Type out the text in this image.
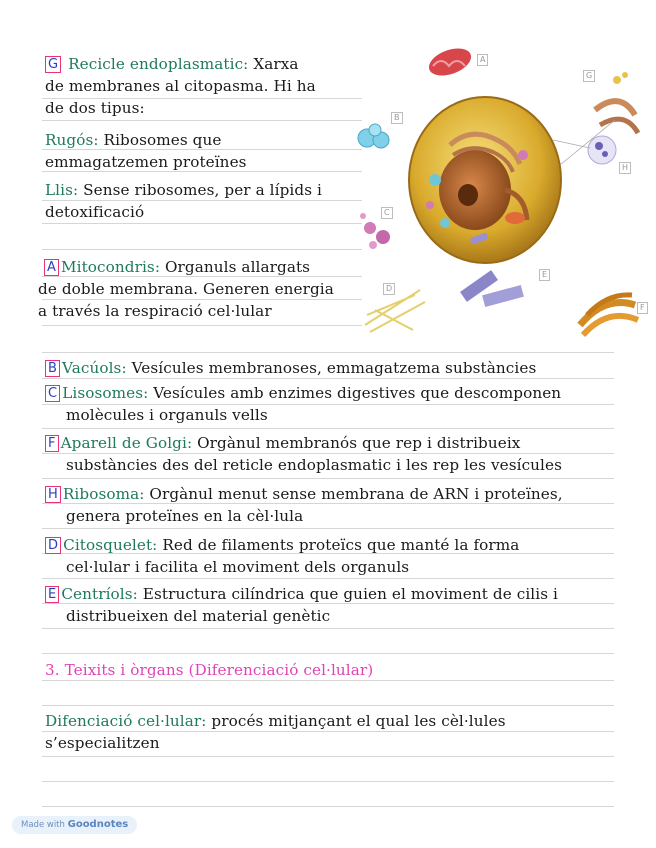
G Recicle endoplasmatic: Xarxa
de membranes al citopasma. Hi ha
de dos tipus:
Rugós: Ribosomes que
emmagatzemen proteïnes
Llis: Sense ribosomes, per a lípids i
detoxificació
A Mitocondris: Organuls allargats
de doble membrana. Generen energia
a través la respiració cel·lular
B Vacúols: Vesícules membranoses, emmagatzema substàncies
C Lisosomes: Vesícules amb enzimes digestives que descomponen
molècules i organuls vells
F Aparell de Golgi: Orgànul membranós que rep i distribueix
substàncies des del reticle endoplasmatic i les rep les vesícules
H Ribosoma: Orgànul menut sense membrana de ARN i proteïnes,
genera proteïnes en la cèl·lula
D Citosquelet: Red de filaments proteïcs que manté la forma
cel·lular i facilita el moviment dels organuls
E Centríols: Estructura cilíndrica que guien el moviment de cilis i
distribueixen del material genètic
3. Teixits i òrgans (Diferenciació cel·lular)
Difenciació cel·lular: procés mitjançant el qual les cèl·lules
s’especialitzen
A
B
C
D
E
F
G
H
Made with Goodnotes
